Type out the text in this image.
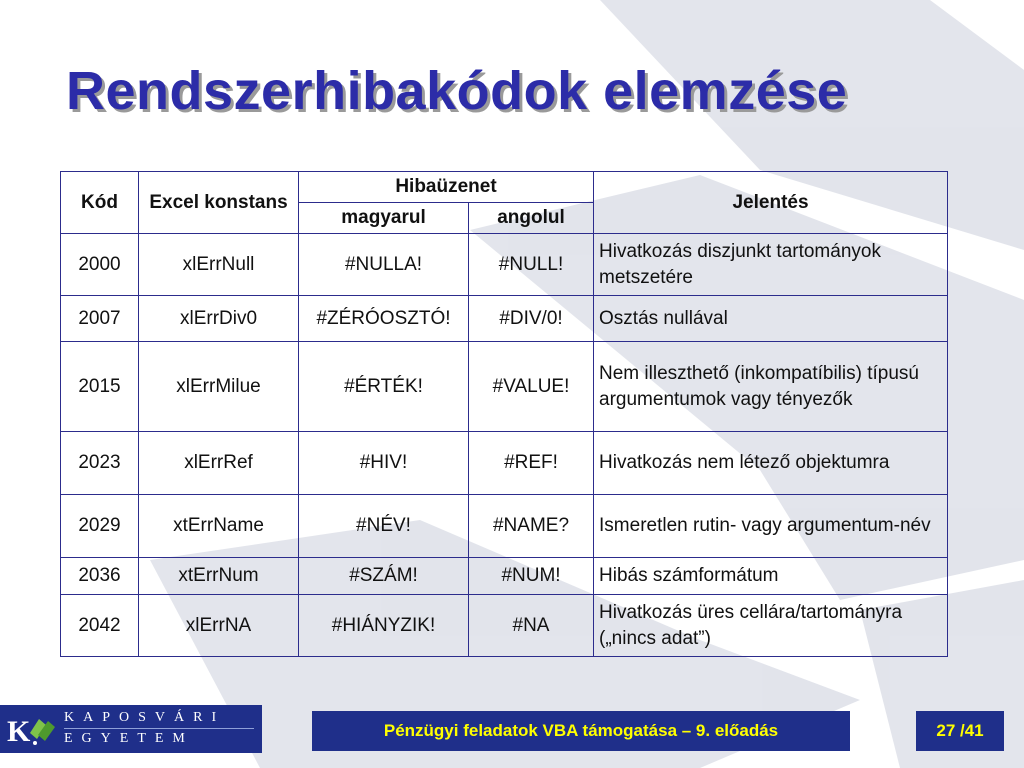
Rendszerhibakódok elemzése
Kód	Excel konstans	Hibaüzenet		Jelentés
		magyarul	angolul	
2000	xlErrNull	#NULLA!	#NULL!	Hivatkozás diszjunkt tartományok metszetére
2007	xlErrDiv0	#ZÉRÓOSZTÓ!	#DIV/0!	Osztás nullával
2015	xlErrMilue	#ÉRTÉK!	#VALUE!	Nem illeszthető (inkompatíbilis) típusú argumentumok vagy tényezők
2023	xlErrRef	#HIV!	#REF!	Hivatkozás nem létező objektumra
2029	xtErrName	#NÉV!	#NAME?	Ismeretlen rutin- vagy argumentum-név
2036	xtErrNum	#SZÁM!	#NUM!	Hibás számformátum
2042	xlErrNA	#HIÁNYZIK!	#NA	Hivatkozás üres cellára/tartományra („nincs adat”)
K KAPOSVÁRI
EGYETEM	Pénzügyi feladatok VBA támogatása – 9. előadás	27 /41
